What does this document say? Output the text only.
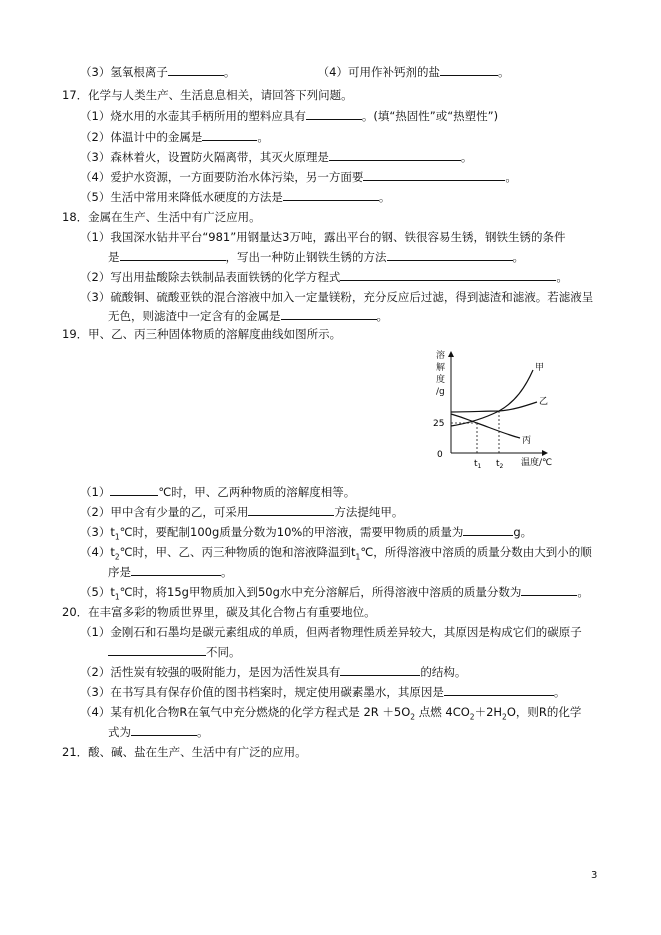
（3）氢氧根离子	。	（4）可用作补钙剂的盐	。
17．化学与人类生产、生活息息相关，请回答下列问题。
（1）烧水用的水壶其手柄所用的塑料应具有	。(填“热固性”或“热塑性”)
（2）体温计中的金属是	。
（3）森林着火，设置防火隔离带，其灭火原理是	。
（4）爱护水资源，一方面要防治水体污染，另一方面要	。
（5）生活中常用来降低水硬度的方法是	。
18．金属在生产、生活中有广泛应用。
（1）我国深水钻井平台“981”用钢量达3万吨，露出平台的钢、铁很容易生锈，钢铁生锈的条件
是	，写出一种防止钢铁生锈的方法	。
（2）写出用盐酸除去铁制品表面铁锈的化学方程式	。
（3）硫酸铜、硫酸亚铁的混合溶液中加入一定量镁粉，充分反应后过滤，得到滤渣和滤液。若滤液呈
无色，则滤渣中一定含有的金属是	。
19．甲、乙、丙三种固体物质的溶解度曲线如图所示。
溶
解
度
/g
0
25
甲
乙
丙
$t_1$ $t_2$ 温度/℃
（1）	℃时，甲、乙两种物质的溶解度相等。
（2）甲中含有少量的乙，可采用	方法提纯甲。
$(3)t_1℃$时，要配制100g质量分数为10%的甲溶液，需要甲物质的质量为	g。
$(4)t_2℃$时，甲、乙、丙三种物质的饱和溶液降温到$t_1℃$，所得溶液中溶质的质量分数由大到小的顺
序是	。
$(5)t_1℃$时，将15g甲物质加入到50g水中充分溶解后，所得溶液中溶质的质量分数为	。
20．在丰富多彩的物质世界里，碳及其化合物占有重要地位。
（1）金刚石和石墨均是碳元素组成的单质，但两者物理性质差异较大，其原因是构成它们的碳原子
不同。
（2）活性炭有较强的吸附能力，是因为活性炭具有	的结构。
（3）在书写具有保存价值的图书档案时，规定使用碳素墨水，其原因是	。
（4）某有机化合物R在氧气中充分燃烧的化学方程式是 $2R +5O_2$ 点燃 $4CO_2+2H_2O$，则R的化学
式为	。
21．酸、碱、盐在生产、生活中有广泛的应用。
3
